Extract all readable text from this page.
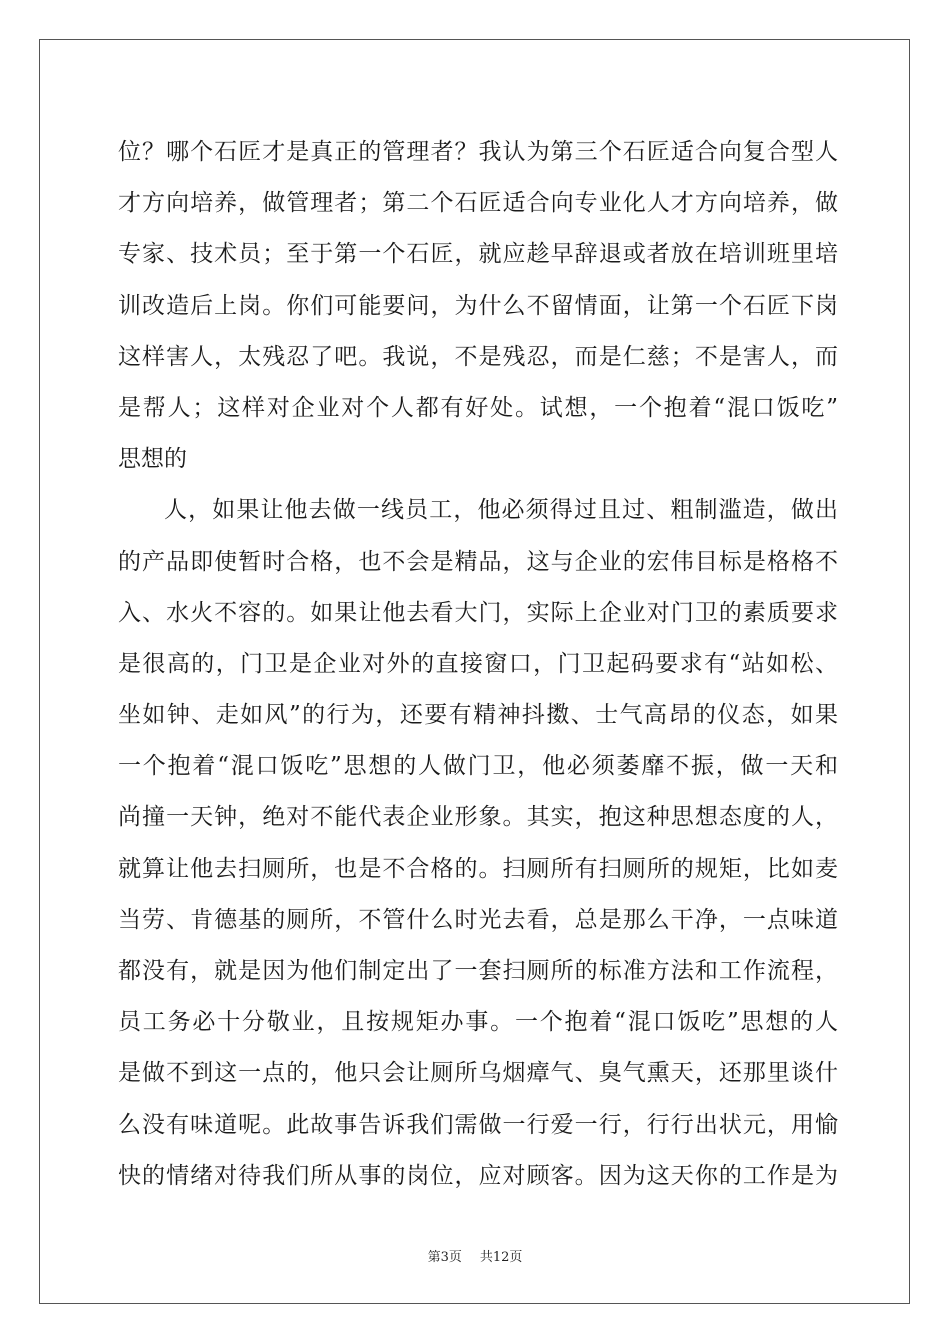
位？哪个石匠才是真正的管理者？我认为第三个石匠适合向复合型人
才方向培养，做管理者；第二个石匠适合向专业化人才方向培养，做
专家、技术员；至于第一个石匠，就应趁早辞退或者放在培训班里培
训改造后上岗。你们可能要问，为什么不留情面，让第一个石匠下岗
这样害人，太残忍了吧。我说，不是残忍，而是仁慈；不是害人，而
是帮人；这样对企业对个人都有好处。试想，一个抱着“混口饭吃”
思想的
人，如果让他去做一线员工，他必须得过且过、粗制滥造，做出
的产品即使暂时合格，也不会是精品，这与企业的宏伟目标是格格不
入、水火不容的。如果让他去看大门，实际上企业对门卫的素质要求
是很高的，门卫是企业对外的直接窗口，门卫起码要求有“站如松、
坐如钟、走如风”的行为，还要有精神抖擞、士气高昂的仪态，如果
一个抱着“混口饭吃”思想的人做门卫，他必须萎靡不振，做一天和
尚撞一天钟，绝对不能代表企业形象。其实，抱这种思想态度的人，
就算让他去扫厕所，也是不合格的。扫厕所有扫厕所的规矩，比如麦
当劳、肯德基的厕所，不管什么时光去看，总是那么干净，一点味道
都没有，就是因为他们制定出了一套扫厕所的标准方法和工作流程，
员工务必十分敬业，且按规矩办事。一个抱着“混口饭吃”思想的人
是做不到这一点的，他只会让厕所乌烟瘴气、臭气熏天，还那里谈什
么没有味道呢。此故事告诉我们需做一行爱一行，行行出状元，用愉
快的情绪对待我们所从事的岗位，应对顾客。因为这天你的工作是为
第3页 共12页
